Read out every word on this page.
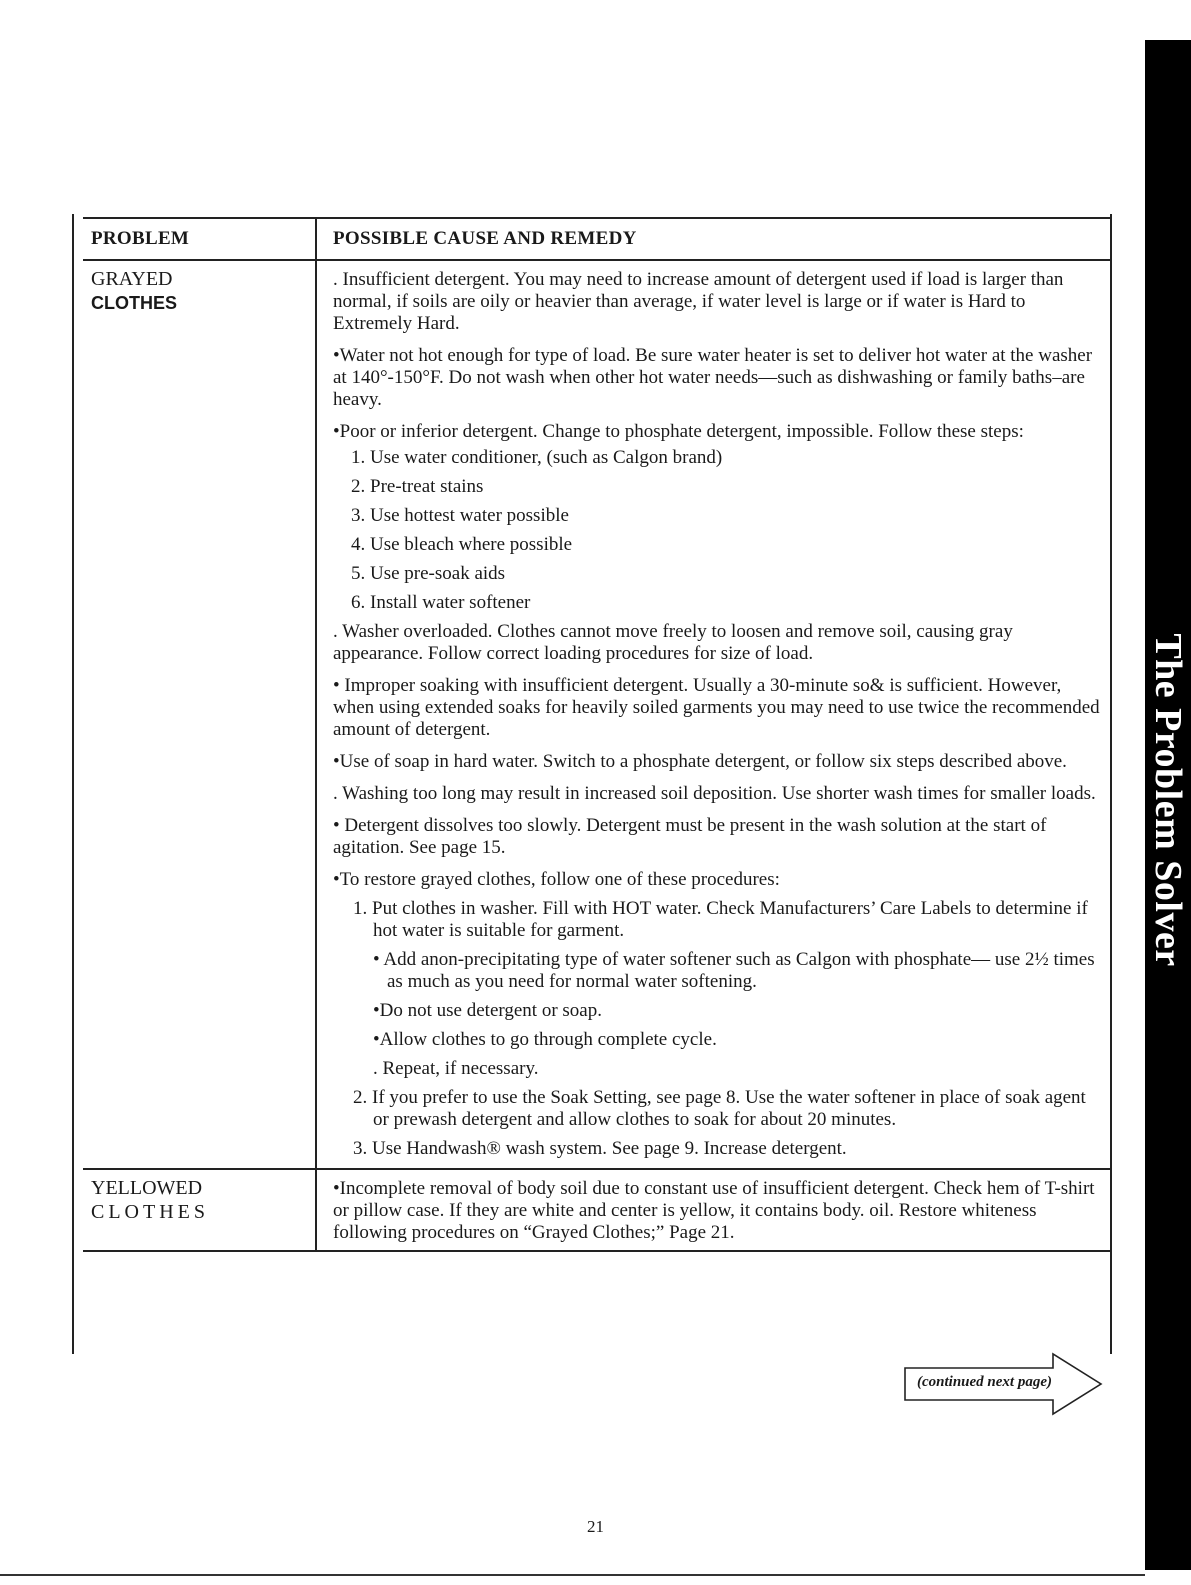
The Problem Solver
PROBLEM	POSSIBLE CAUSE AND REMEDY
GRAYED
CLOTHES

. Insufficient detergent. You may need to increase amount of detergent used if load is larger than normal, if soils are oily or heavier than average, if water level is large or if water is Hard to Extremely Hard.

•Water not hot enough for type of load. Be sure water heater is set to deliver hot water at the washer at 140°-150°F. Do not wash when other hot water needs—such as dishwashing or family baths–are heavy.

•Poor or inferior detergent. Change to phosphate detergent, impossible. Follow these steps:

1. Use water conditioner, (such as Calgon brand)
2. Pre-treat stains
3. Use hottest water possible
4. Use bleach where possible
5. Use pre-soak aids
6. Install water softener

. Washer overloaded. Clothes cannot move freely to loosen and remove soil, causing gray appearance. Follow correct loading procedures for size of load.

• Improper soaking with insufficient detergent. Usually a 30-minute so& is sufficient. However, when using extended soaks for heavily soiled garments you may need to use twice the recommended amount of detergent.

•Use of soap in hard water. Switch to a phosphate detergent, or follow six steps described above.

. Washing too long may result in increased soil deposition. Use shorter wash times for smaller loads.

• Detergent dissolves too slowly. Detergent must be present in the wash solution at the start of agitation. See page 15.

•To restore grayed clothes, follow one of these procedures:

1. Put clothes in washer. Fill with HOT water. Check Manufacturers’ Care Labels to determine if hot water is suitable for garment.
• Add anon-precipitating type of water softener such as Calgon with phosphate— use 2½ times as much as you need for normal water softening.
•Do not use detergent or soap.
•Allow clothes to go through complete cycle.
. Repeat, if necessary.
2. If you prefer to use the Soak Setting, see page 8. Use the water softener in place of soak agent or prewash detergent and allow clothes to soak for about 20 minutes.
3. Use Handwash® wash system. See page 9. Increase detergent.
YELLOWED
CLOTHES

•Incomplete removal of body soil due to constant use of insufficient detergent. Check hem of T-shirt or pillow case. If they are white and center is yellow, it contains body. oil. Restore whiteness following procedures on “Grayed Clothes;” Page 21.

(continued next page)
21
